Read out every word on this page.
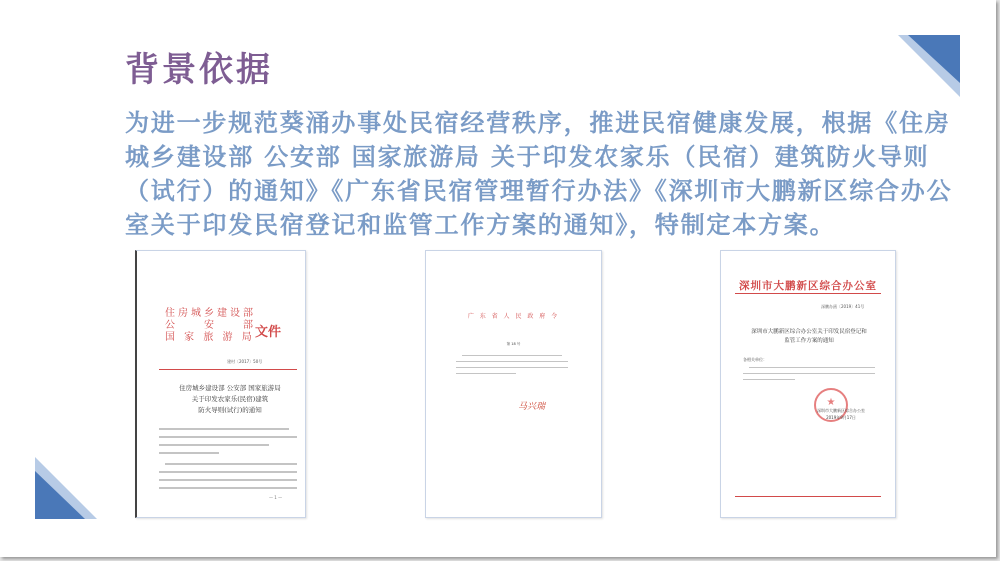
背景依据
为进一步规范葵涌办事处民宿经营秩序，推进民宿健康发展，根据《住房城乡建设部 公安部 国家旅游局 关于印发农家乐（民宿）建筑防火导则（试行）的通知》《广东省民宿管理暂行办法》《深圳市大鹏新区综合办公室关于印发民宿登记和监管工作方案的通知》，特制定本方案。
住房城乡建设部
公　　安　　部
国 家 旅 游 局 文件
建村〔2017〕50号
住房城乡建设部 公安部 国家旅游局
关于印发农家乐(民宿)建筑
防火导则(试行)的通知
— 1 —
广 东 省 人 民 政 府 令
第 18 号
马兴瑞
深圳市大鹏新区综合办公室
深鹏办函〔2019〕41号
深圳市大鹏新区综合办公室关于印发民宿登记和
监管工作方案的通知
各相关单位：
★
深圳市大鹏新区综合办公室
2019年9月17日
